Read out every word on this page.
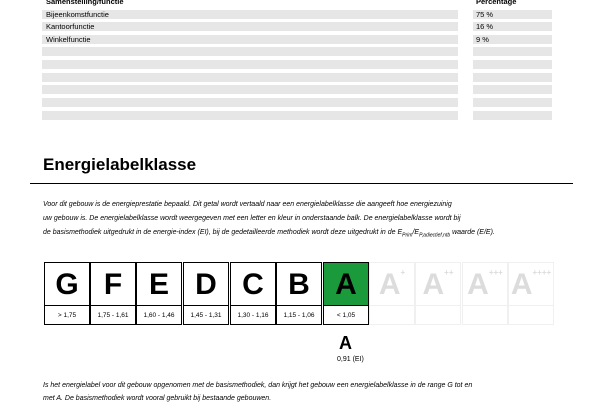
Samenstelling/functie	Percentage
Bijeenkomstfunctie	75 %
Kantoorfunctie	16 %
Winkelfunctie	9 %
Energielabelklasse

Voor dit gebouw is de energieprestatie bepaald. Dit getal wordt vertaald naar een energielabelklasse die aangeeft hoe energiezuinig

uw gebouw is. De energielabelklasse wordt weergegeven met een letter en kleur in onderstaande balk. De energielabelklasse wordt bij

de basismethodiek uitgedrukt in de energie-index (EI), bij de gedetailleerde methodiek wordt deze uitgedrukt in de $E_{Prim}/E_{P,adiectief,ntb}$ waarde (E/E).

G
> 1,75
F
1,75 - 1,61
E
1,60 - 1,46
D
1,45 - 1,31
C
1,30 - 1,16
B
1,15 - 1,06
A
< 1,05
A+ A++ A+++ A++++
A
0,91 (EI)

Is het energielabel voor dit gebouw opgenomen met de basismethodiek, dan krijgt het gebouw een energielabelklasse in de range G tot en

met A. De basismethodiek wordt vooral gebruikt bij bestaande gebouwen.
